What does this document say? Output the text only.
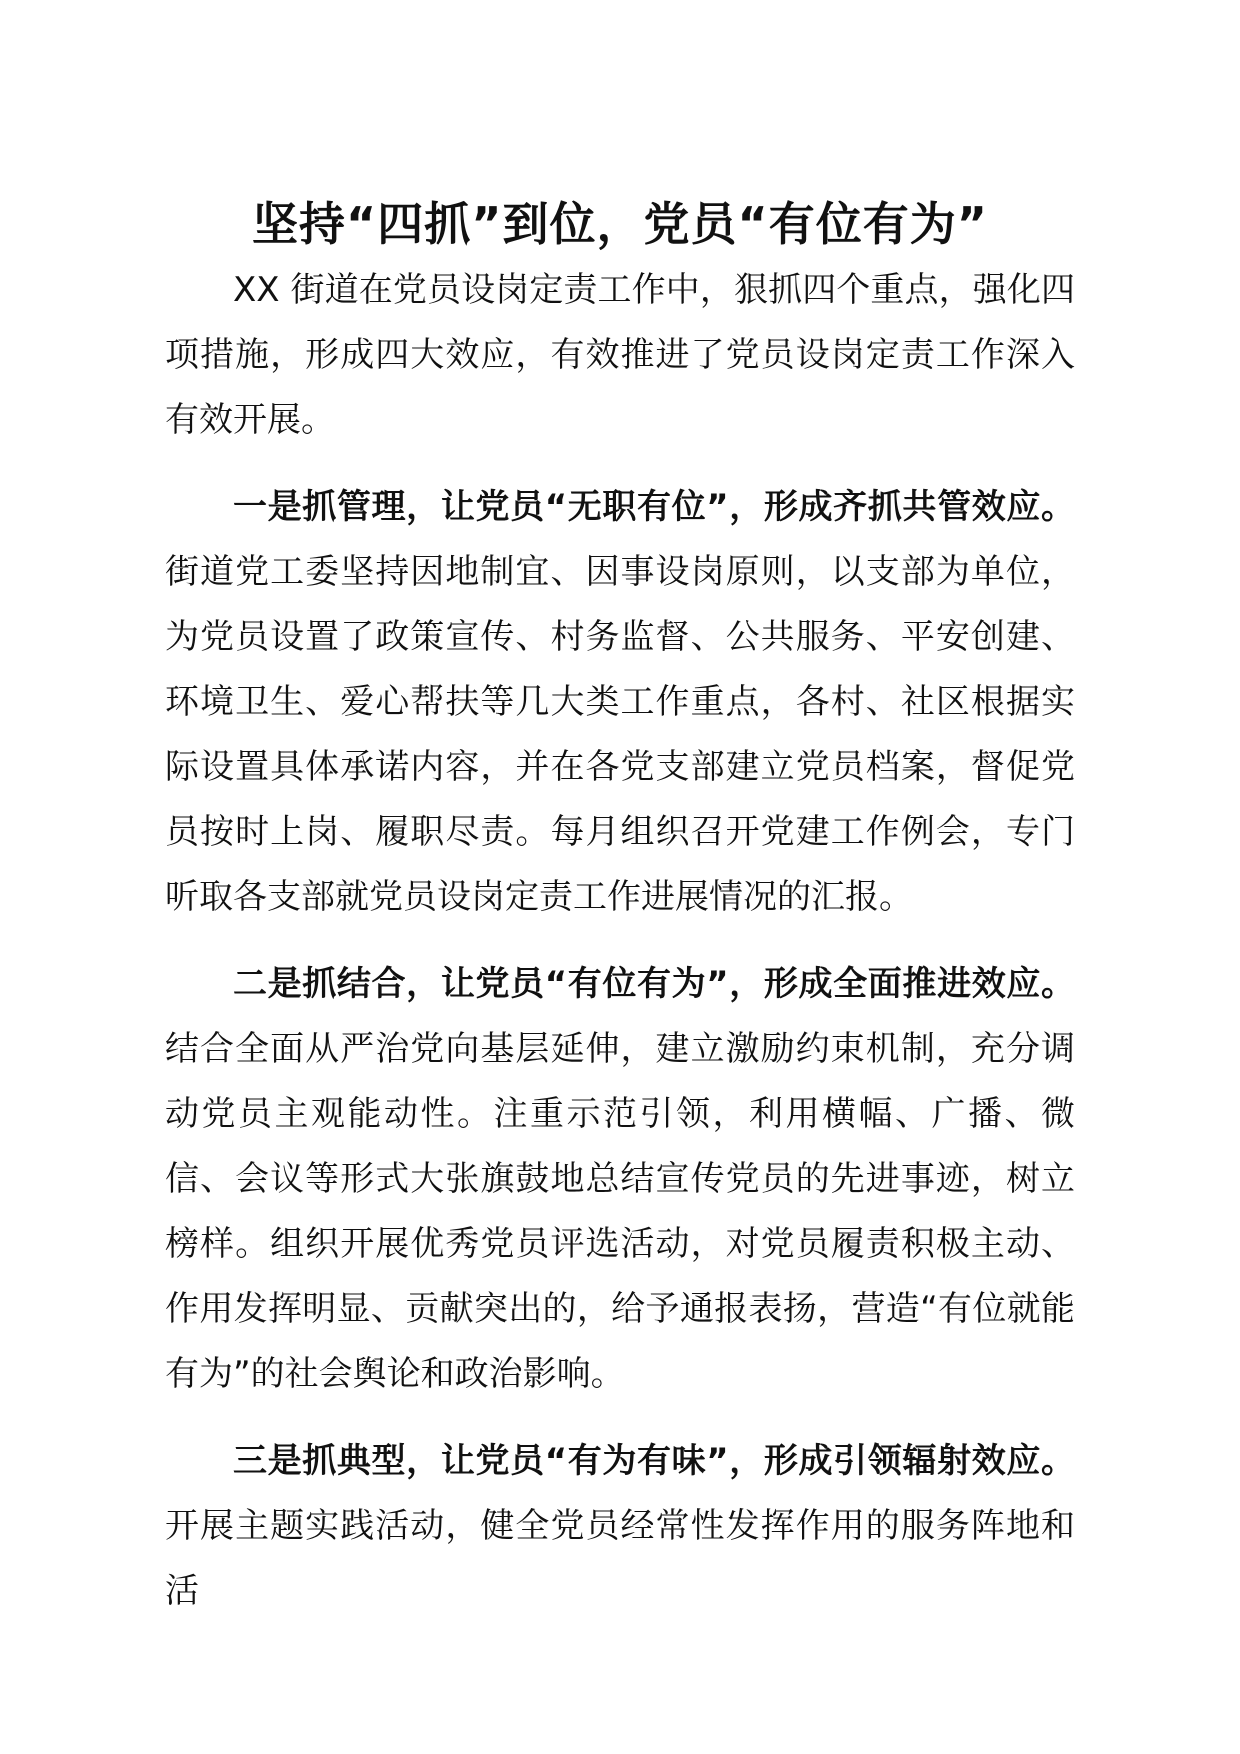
坚持“四抓”到位，党员“有位有为”

XX 街道在党员设岗定责工作中，狠抓四个重点，强化四项措施，形成四大效应，有效推进了党员设岗定责工作深入有效开展。

一是抓管理，让党员“无职有位”，形成齐抓共管效应。街道党工委坚持因地制宜、因事设岗原则，以支部为单位，为党员设置了政策宣传、村务监督、公共服务、平安创建、环境卫生、爱心帮扶等几大类工作重点，各村、社区根据实际设置具体承诺内容，并在各党支部建立党员档案，督促党员按时上岗、履职尽责。每月组织召开党建工作例会，专门听取各支部就党员设岗定责工作进展情况的汇报。

二是抓结合，让党员“有位有为”，形成全面推进效应。结合全面从严治党向基层延伸，建立激励约束机制，充分调动党员主观能动性。注重示范引领，利用横幅、广播、微信、会议等形式大张旗鼓地总结宣传党员的先进事迹，树立榜样。组织开展优秀党员评选活动，对党员履责积极主动、作用发挥明显、贡献突出的，给予通报表扬，营造“有位就能有为”的社会舆论和政治影响。

三是抓典型，让党员“有为有味”，形成引领辐射效应。开展主题实践活动，健全党员经常性发挥作用的服务阵地和活
